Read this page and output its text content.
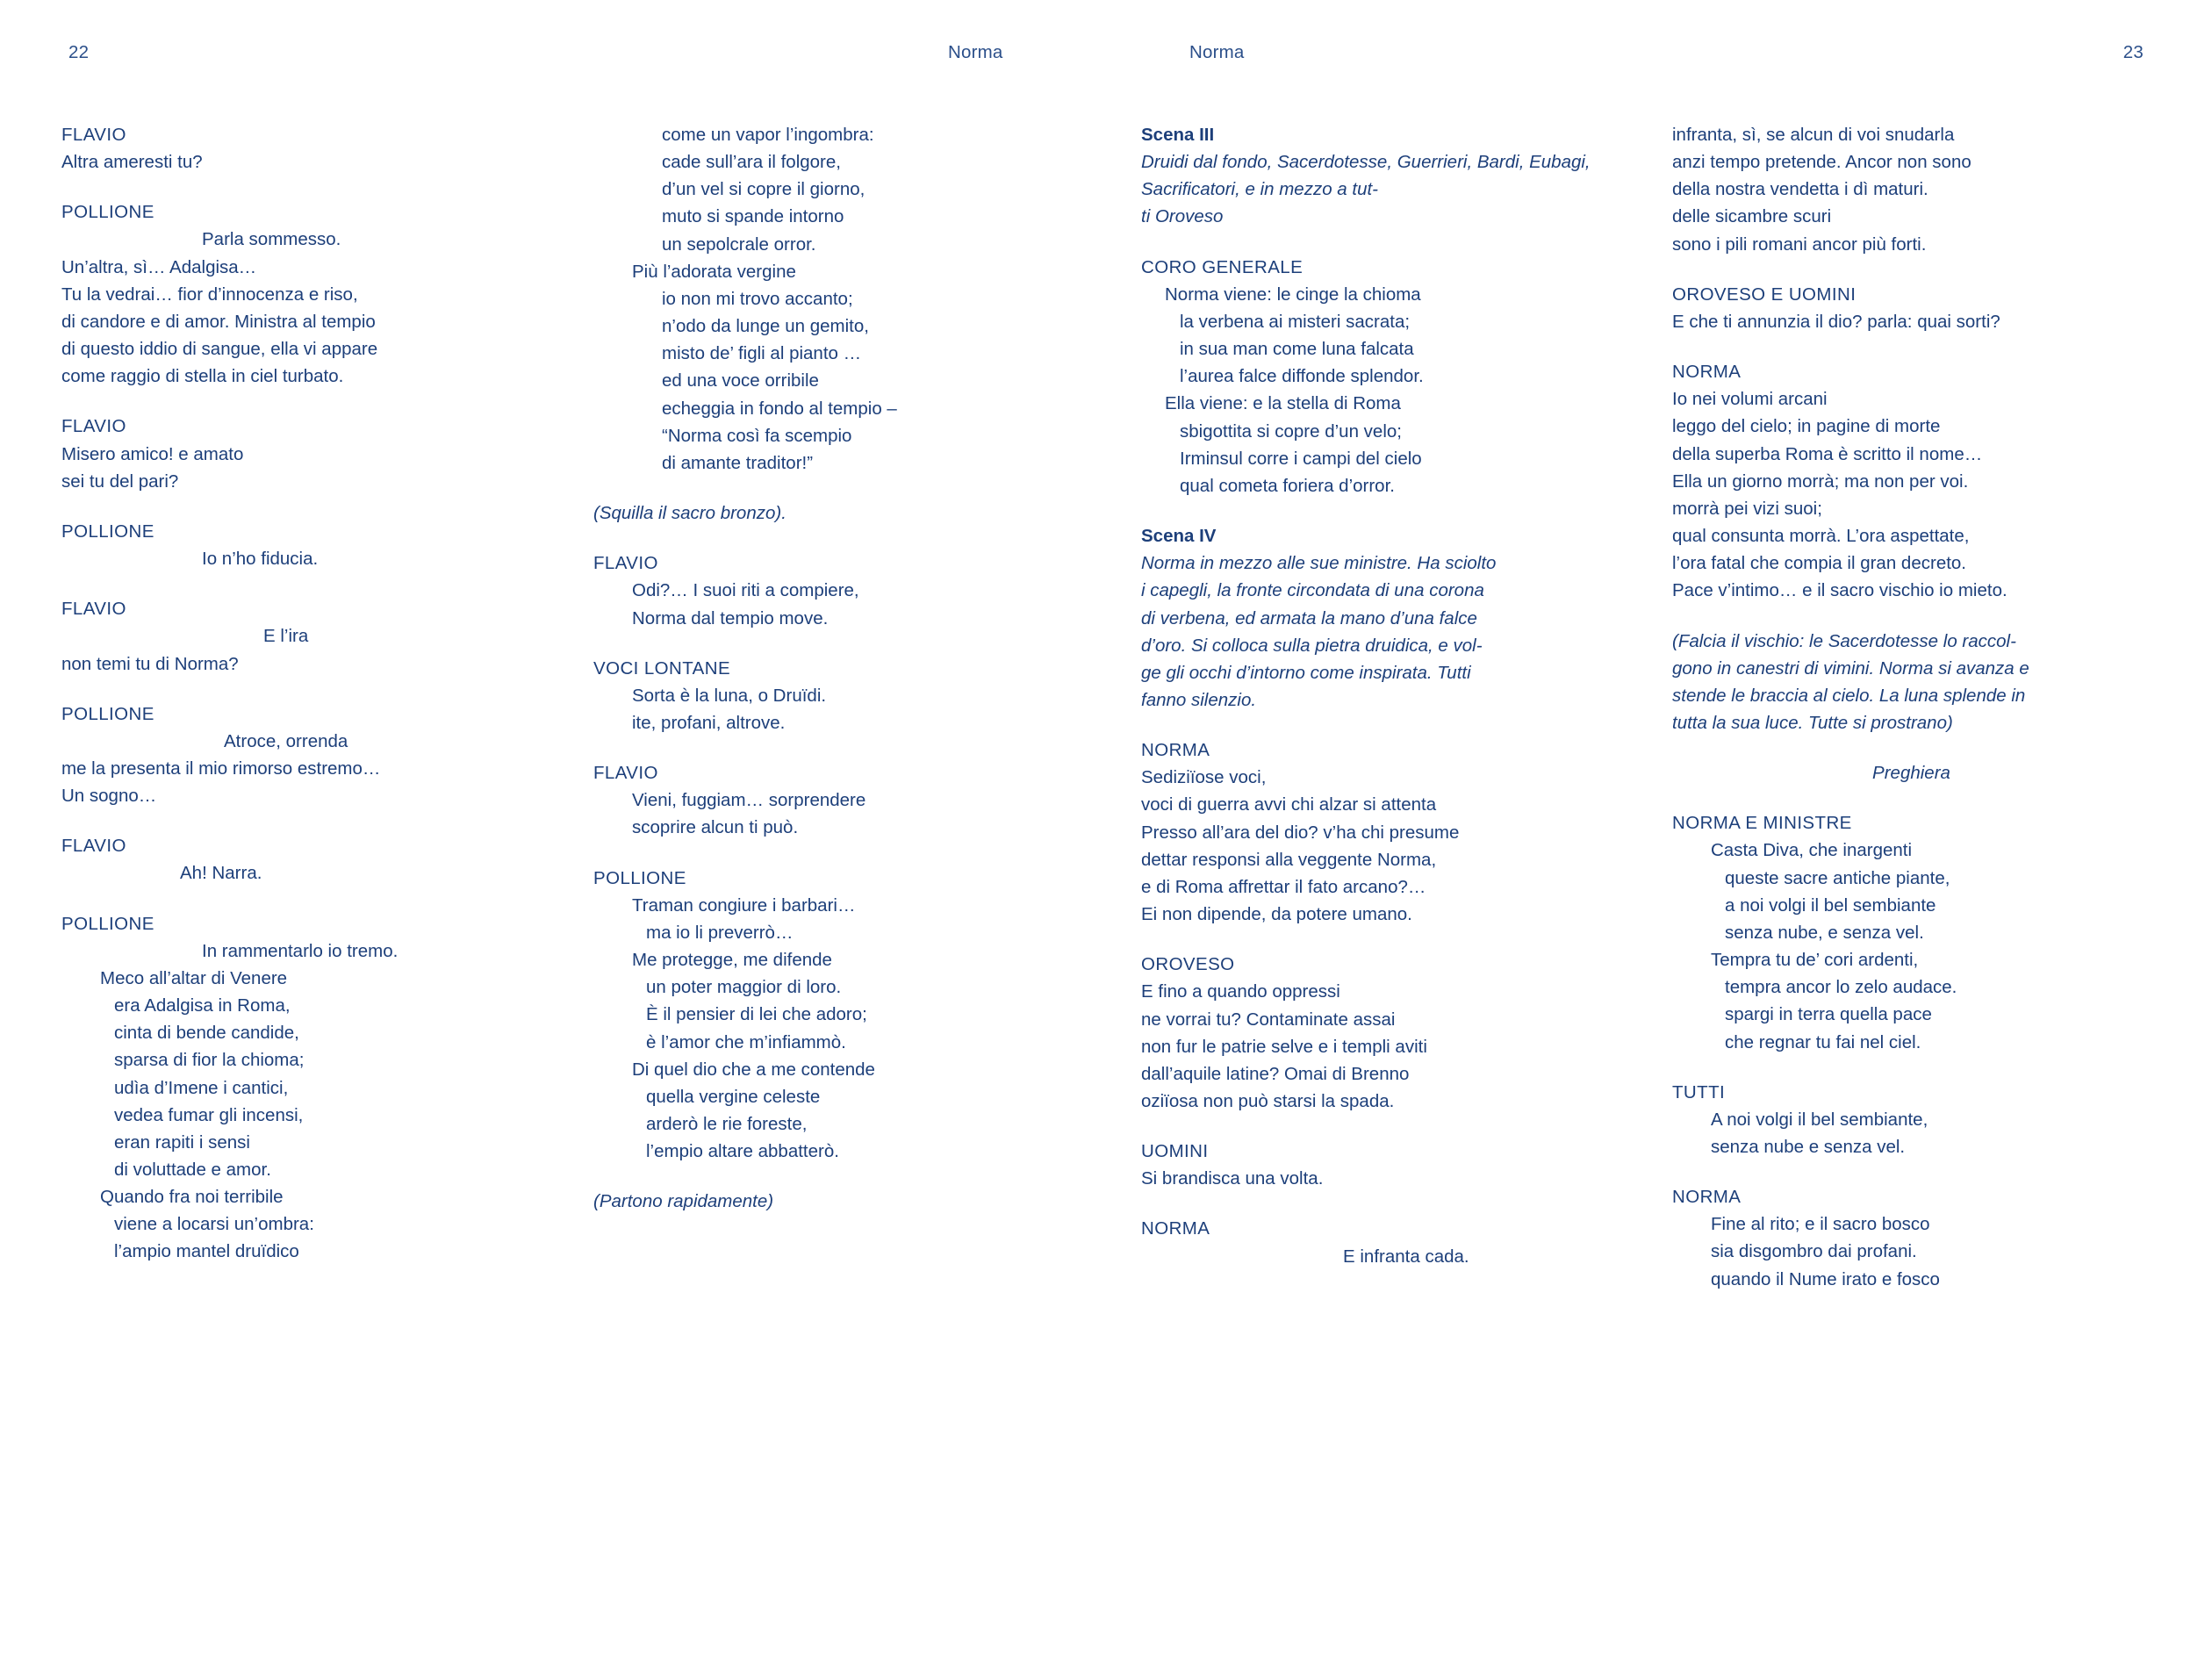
22	Norma
FLAVIO
Altra ameresti tu?
POLLIONE
Parla sommesso.
Un’altra, sì… Adalgisa…
Tu la vedrai… fior d’innocenza e riso,
di candore e di amor. Ministra al tempio
di questo iddio di sangue, ella vi appare
come raggio di stella in ciel turbato.
FLAVIO
Misero amico! e amato
sei tu del pari?
POLLIONE
Io n’ho fiducia.
FLAVIO
E l’ira
non temi tu di Norma?
POLLIONE
Atroce, orrenda
me la presenta il mio rimorso estremo…
Un sogno…
FLAVIO
Ah! Narra.
POLLIONE
In rammentarlo io tremo.
Meco all’altar di Venere
era Adalgisa in Roma,
cinta di bende candide,
sparsa di fior la chioma;
udìa d’Imene i cantici,
vedea fumar gli incensi,
eran rapiti i sensi
di voluttade e amor.
Quando fra noi terribile
viene a locarsi un’ombra:
l’ampio mantel druïdico
come un vapor l’ingombra:
cade sull’ara il folgore,
d’un vel si copre il giorno,
muto si spande intorno
un sepolcrale orror.
Più l’adorata vergine
io non mi trovo accanto;
n’odo da lunge un gemito,
misto de’ figli al pianto …
ed una voce orribile
echeggia in fondo al tempio –
“Norma così fa scempio
di amante traditor!”
(Squilla il sacro bronzo).
FLAVIO
Odi?… I suoi riti a compiere,
Norma dal tempio move.
VOCI LONTANE
Sorta è la luna, o Druïdi.
ite, profani, altrove.
FLAVIO
Vieni, fuggiam… sorprendere
scoprire alcun ti può.
POLLIONE
Traman congiure i barbari…
ma io li preverrò…
Me protegge, me difende
un poter maggior di loro.
È il pensier di lei che adoro;
è l’amor che m’infiammò.
Di quel dio che a me contende
quella vergine celeste
arderò le rie foreste,
l’empio altare abbatterò.
(Partono rapidamente)
Norma	23
Scena III
Druidi dal fondo, Sacerdotesse, Guerrieri, Bardi, Eubagi, Sacrificatori, e in mezzo a tut-
ti Oroveso
CORO GENERALE
Norma viene: le cinge la chioma
la verbena ai misteri sacrata;
in sua man come luna falcata
l’aurea falce diffonde splendor.
Ella viene: e la stella di Roma
sbigottita si copre d’un velo;
Irminsul corre i campi del cielo
qual cometa foriera d’orror.
Scena IV
Norma in mezzo alle sue ministre. Ha sciolto
i capegli, la fronte circondata di una corona
di verbena, ed armata la mano d’una falce
d’oro. Si colloca sulla pietra druidica, e vol-
ge gli occhi d’intorno come inspirata. Tutti
fanno silenzio.
NORMA
Sediziïose voci,
voci di guerra avvi chi alzar si attenta
Presso all’ara del dio? v’ha chi presume
dettar responsi alla veggente Norma,
e di Roma affrettar il fato arcano?…
Ei non dipende, da potere umano.
OROVESO
E fino a quando oppressi
ne vorrai tu? Contaminate assai
non fur le patrie selve e i templi aviti
dall’aquile latine? Omai di Brenno
oziïosa non può starsi la spada.
UOMINI
Si brandisca una volta.
NORMA
E infranta cada.
infranta, sì, se alcun di voi snudarla
anzi tempo pretende. Ancor non sono
della nostra vendetta i dì maturi.
delle sicambre scuri
sono i pili romani ancor più forti.
OROVESO E UOMINI
E che ti annunzia il dio? parla: quai sorti?
NORMA
Io nei volumi arcani
leggo del cielo; in pagine di morte
della superba Roma è scritto il nome…
Ella un giorno morrà; ma non per voi.
morrà pei vizi suoi;
qual consunta morrà. L’ora aspettate,
l’ora fatal che compia il gran decreto.
Pace v’intimo… e il sacro vischio io mieto.
(Falcia il vischio: le Sacerdotesse lo raccol-
gono in canestri di vimini. Norma si avanza e
stende le braccia al cielo. La luna splende in
tutta la sua luce. Tutte si prostrano)
Preghiera
NORMA E MINISTRE
Casta Diva, che inargenti
queste sacre antiche piante,
a noi volgi il bel sembiante
senza nube, e senza vel.
Tempra tu de’ cori ardenti,
tempra ancor lo zelo audace.
spargi in terra quella pace
che regnar tu fai nel ciel.
TUTTI
A noi volgi il bel sembiante,
senza nube e senza vel.
NORMA
Fine al rito; e il sacro bosco
sia disgombro dai profani.
quando il Nume irato e fosco
